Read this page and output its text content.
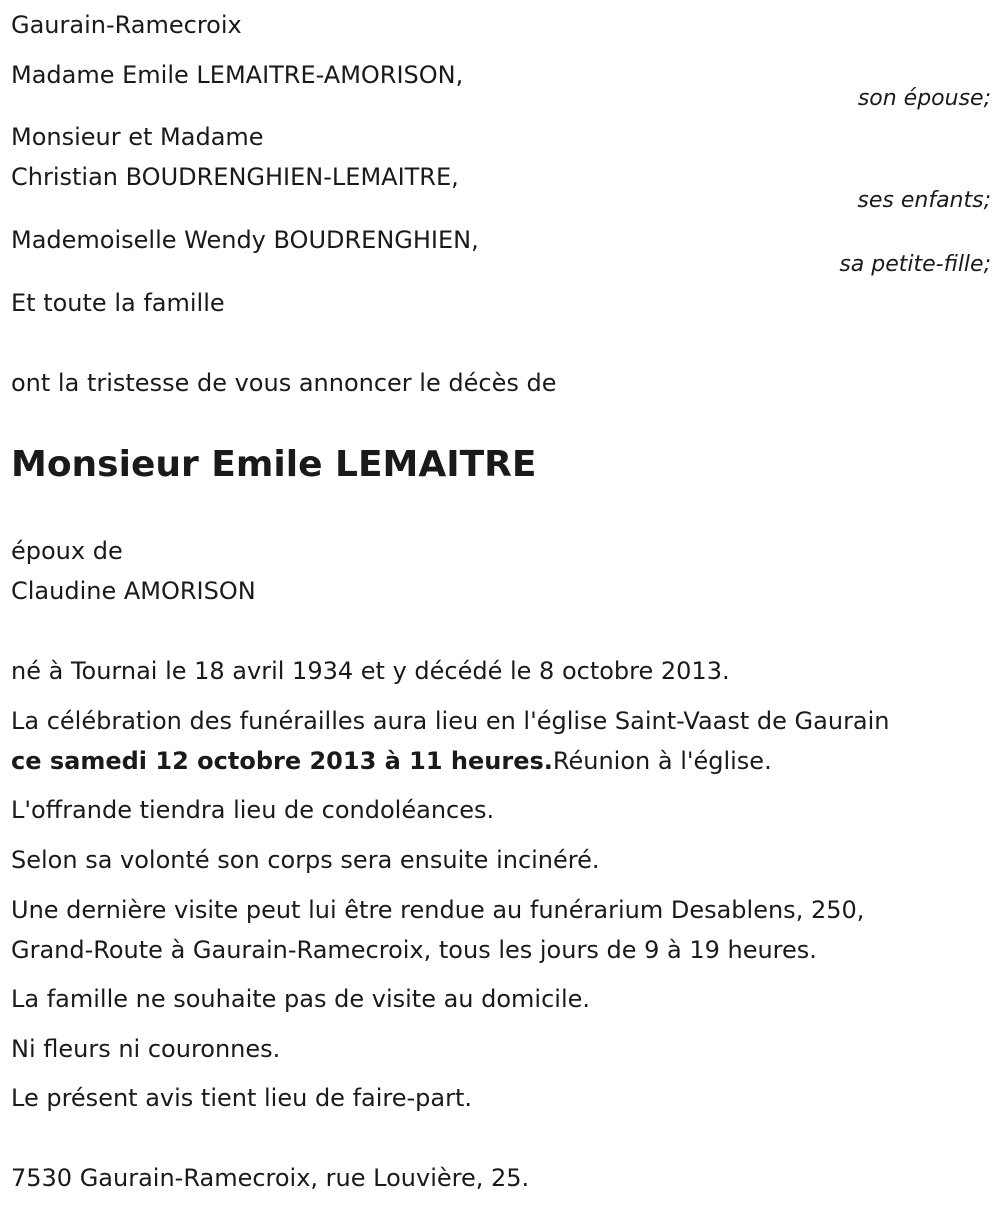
Gaurain-Ramecroix
Madame Emile LEMAITRE-AMORISON,
son épouse;
Monsieur et Madame
Christian BOUDRENGHIEN-LEMAITRE,
ses enfants;
Mademoiselle Wendy BOUDRENGHIEN,
sa petite-fille;
Et toute la famille
ont la tristesse de vous annoncer le décès de
Monsieur Emile LEMAITRE
époux de
Claudine AMORISON
né à Tournai le 18 avril 1934 et y décédé le 8 octobre 2013.
La célébration des funérailles aura lieu en l'église Saint-Vaast de Gaurain
ce samedi 12 octobre 2013 à 11 heures.Réunion à l'église.
L'offrande tiendra lieu de condoléances.
Selon sa volonté son corps sera ensuite incinéré.
Une dernière visite peut lui être rendue au funérarium Desablens, 250,
Grand-Route à Gaurain-Ramecroix, tous les jours de 9 à 19 heures.
La famille ne souhaite pas de visite au domicile.
Ni fleurs ni couronnes.
Le présent avis tient lieu de faire-part.
7530 Gaurain-Ramecroix, rue Louvière, 25.
